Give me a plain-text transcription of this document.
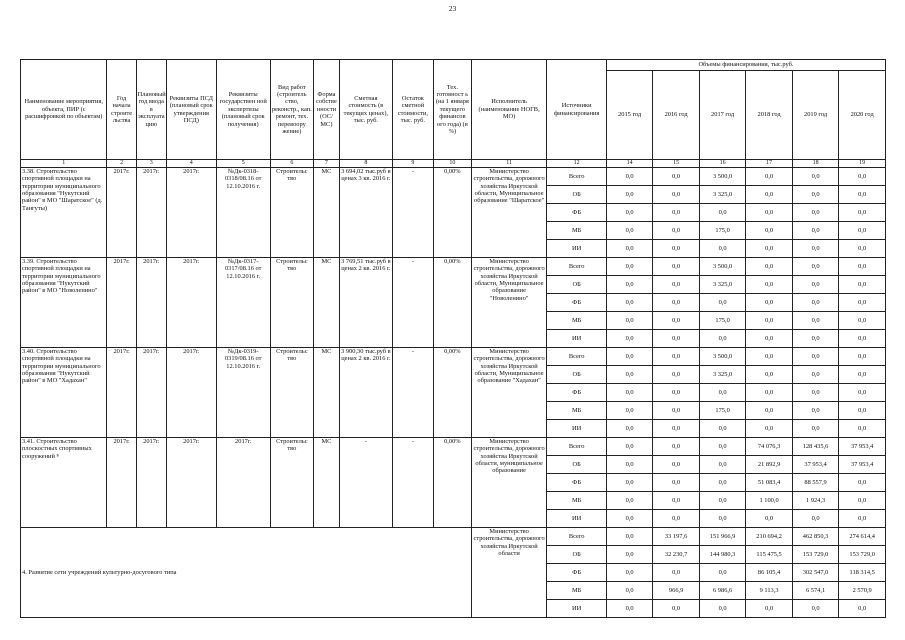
23
Наименование мероприятия, объекта, ПИР (с расшифровкой по объектам)	Год начала строите льства	Плановый год ввода в эксплуата цию	Реквизиты ПСД (плановый срок утверждения ПСД)	Реквизиты государствен ной экспертизы (плановый срок получения)	Вид работ (строитель ство, реконстр., кап. ремонт, тех. перевоору жение)	Форма собстве нности (ОС/МС)	Сметная стоимость (в текущих ценах), тыс. руб.	Остаток сметной стоимости, тыс. руб.	Тех. готовност ь (на 1 января текущего финансов ого года) (в %)	Исполнитель (наименование НОГВ, МО)	Источники финансирования	Объемы финансирования, тыс.руб.					
												2015 год	2016 год	2017 год	2018 год	2019 год	2020 год
1	2	3	4	5	6	7	8	9	10	11	12	14	15	16	17	18	19
3.38. Строительство спортивной площадки на территории муниципального образования "Нукутский район" в МО "Шаратское" (д. Тангуты)	2017г.	2017г.	2017г.	№Дк-0318-0318/08.16 от 12.10.2016 г.	Строительс тво	МС	3 694,02 тыс.руб в ценах 3 кв. 2016 г.	-	0,00%	Министерство строительства, дорожного хозяйства Иркутской области, Муниципальное образование "Шаратское"	Всего	0,0	0,0	3 500,0	0,0	0,0	0,0
											ОБ	0,0	0,0	3 325,0	0,0	0,0	0,0
											ФБ	0,0	0,0	0,0	0,0	0,0	0,0
											МБ	0,0	0,0	175,0	0,0	0,0	0,0
											ИИ	0,0	0,0	0,0	0,0	0,0	0,0
3.39. Строительство спортивной площадки на территории муниципального образования "Нукутский район" в МО "Новоленино"	2017г.	2017г.	2017г.	№Дк-0317-0317/08.16 от 12.10.2016 г.	Строительс тво	МС	3 769,51 тыс.руб в ценах 2 кв. 2016 г.	-	0,00%	Министерство строительства, дорожного хозяйства Иркутской области, Муниципальное образование "Новоленино"	Всего	0,0	0,0	3 500,0	0,0	0,0	0,0
											ОБ	0,0	0,0	3 325,0	0,0	0,0	0,0
											ФБ	0,0	0,0	0,0	0,0	0,0	0,0
											МБ	0,0	0,0	175,0	0,0	0,0	0,0
											ИИ	0,0	0,0	0,0	0,0	0,0	0,0
3.40. Строительство спортивной площадки на территории муниципального образования "Нукутский район" в МО "Хадахан"	2017г.	2017г.	2017г.	№Дк-0319-0319/08.16 от 12.10.2016 г.	Строительс тво	МС	3 900,30 тыс.руб в ценах 2 кв. 2016 г.	-	0,00%	Министерство строительства, дорожного хозяйства Иркутской области, Муниципальное образование "Хадахан"	Всего	0,0	0,0	3 500,0	0,0	0,0	0,0
											ОБ	0,0	0,0	3 325,0	0,0	0,0	0,0
											ФБ	0,0	0,0	0,0	0,0	0,0	0,0
											МБ	0,0	0,0	175,0	0,0	0,0	0,0
											ИИ	0,0	0,0	0,0	0,0	0,0	0,0
3.41. Строительство плоскостных спортивных сооружений ⁸	2017г.	2017г.	2017г.	2017г.	Строительс тво	МС	-	-	0,00%	Министерство строительства, дорожного хозяйства Иркутской области, муниципальное образование	Всего	0,0	0,0	0,0	74 076,3	128 435,6	37 953,4
											ОБ	0,0	0,0	0,0	21 892,9	37 953,4	37 953,4
											ФБ	0,0	0,0	0,0	51 083,4	88 557,9	0,0
											МБ	0,0	0,0	0,0	1 100,0	1 924,3	0,0
											ИИ	0,0	0,0	0,0	0,0	0,0	0,0
4. Развитие сети учреждений культурно-досугового типа										Министерство строительства, дорожного хозяйства Иркутской области	Всего	0,0	33 197,6	151 966,9	210 694,2	462 850,3	274 614,4
											ОБ	0,0	32 230,7	144 980,3	115 475,5	153 729,0	153 729,0
											ФБ	0,0	0,0	0,0	86 105,4	302 547,0	118 314,5
											МБ	0,0	966,9	6 986,6	9 113,3	6 574,1	2 570,9
											ИИ	0,0	0,0	0,0	0,0	0,0	0,0
